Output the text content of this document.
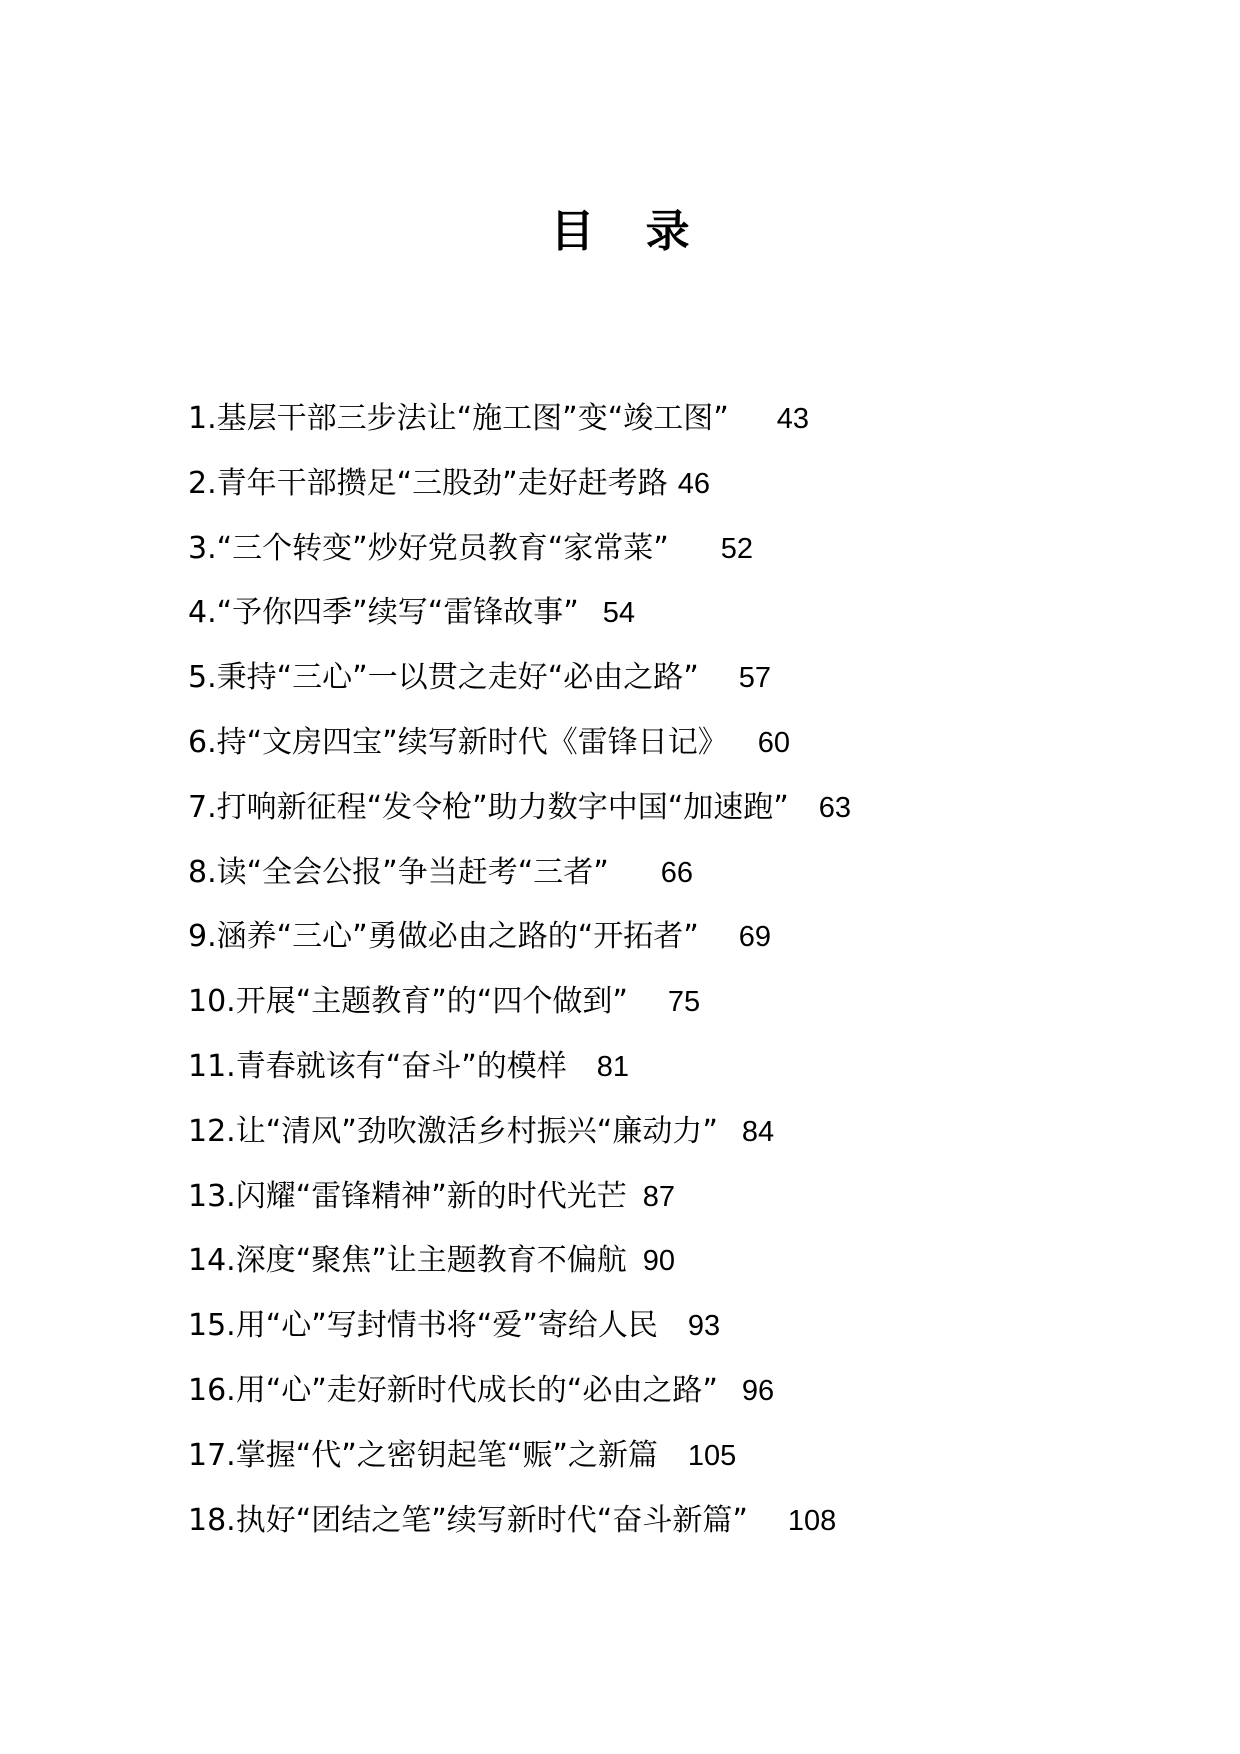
目 录
1.基层干部三步法让“施工图”变“竣工图” 43
2.青年干部攒足“三股劲”走好赶考路 46
3.“三个转变”炒好党员教育“家常菜” 52
4.“予你四季”续写“雷锋故事” 54
5.秉持“三心”一以贯之走好“必由之路” 57
6.持“文房四宝”续写新时代《雷锋日记》 60
7.打响新征程“发令枪”助力数字中国“加速跑” 63
8.读“全会公报”争当赶考“三者” 66
9.涵养“三心”勇做必由之路的“开拓者” 69
10.开展“主题教育”的“四个做到” 75
11.青春就该有“奋斗”的模样 81
12.让“清风”劲吹激活乡村振兴“廉动力” 84
13.闪耀“雷锋精神”新的时代光芒 87
14.深度“聚焦”让主题教育不偏航 90
15.用“心”写封情书将“爱”寄给人民 93
16.用“心”走好新时代成长的“必由之路” 96
17.掌握“代”之密钥起笔“赈”之新篇 105
18.执好“团结之笔”续写新时代“奋斗新篇” 108
